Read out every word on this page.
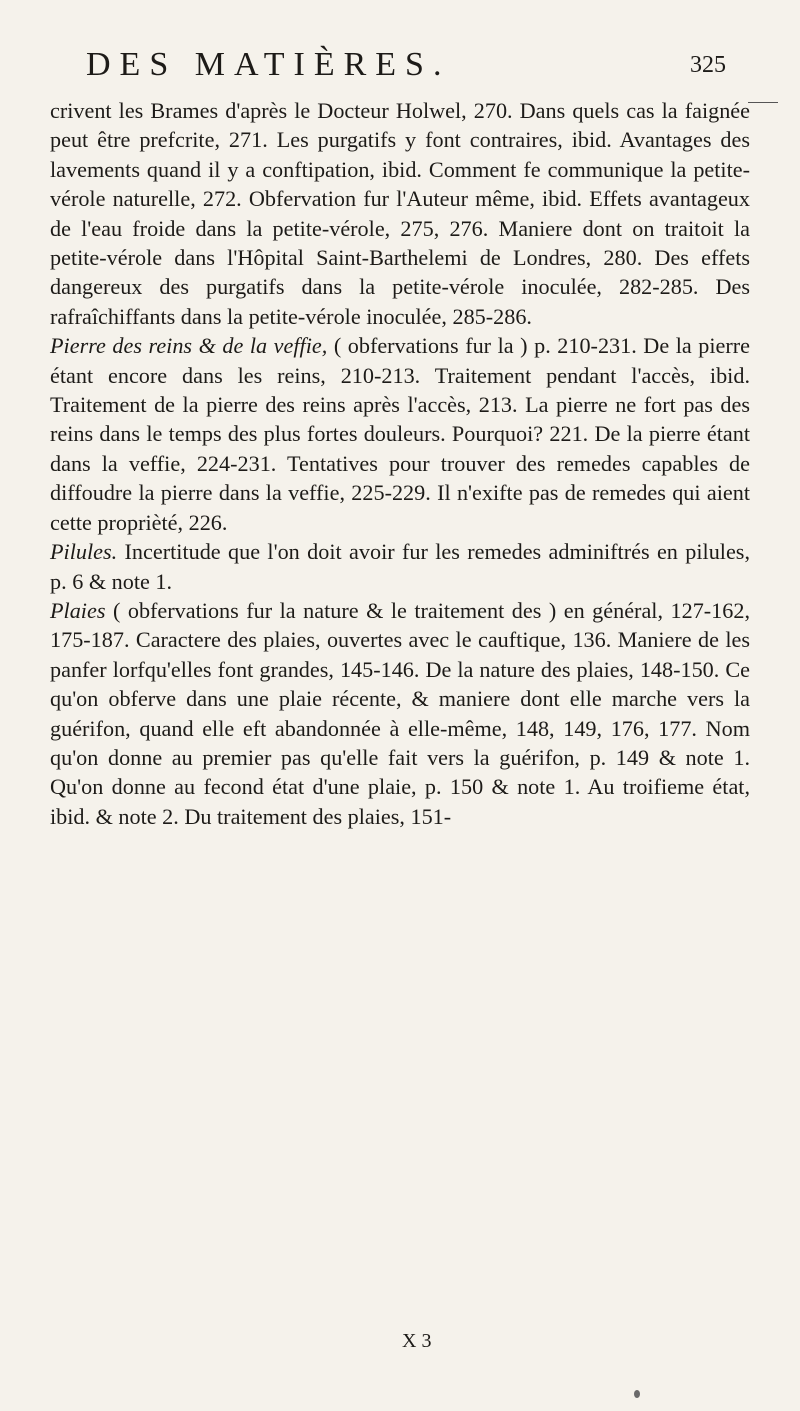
DES MATIÈRES.	325

crivent les Brames d'après le Docteur Holwel, 270. Dans quels cas la faignée peut être prefcrite, 271. Les purgatifs y font contraires, ibid. Avantages des lavements quand il y a conftipation, ibid. Comment fe communique la petite-vérole naturelle, 272. Obfervation fur l'Auteur même, ibid. Effets avantageux de l'eau froide dans la petite-vérole, 275, 276. Maniere dont on traitoit la petite-vérole dans l'Hôpital Saint-Barthelemi de Londres, 280. Des effets dangereux des purgatifs dans la petite-vérole inoculée, 282-285. Des rafraîchiffants dans la petite-vérole inoculée, 285-286.

Pierre des reins & de la veffie, ( obfervations fur la ) p. 210-231. De la pierre étant encore dans les reins, 210-213. Traitement pendant l'accès, ibid. Traitement de la pierre des reins après l'accès, 213. La pierre ne fort pas des reins dans le temps des plus fortes douleurs. Pourquoi? 221. De la pierre étant dans la veffie, 224-231. Tentatives pour trouver des remedes capables de diffoudre la pierre dans la veffie, 225-229. Il n'exifte pas de remedes qui aient cette proprièté, 226.

Pilules. Incertitude que l'on doit avoir fur les remedes adminiftrés en pilules, p. 6 & note 1.

Plaies ( obfervations fur la nature & le traitement des ) en général, 127-162, 175-187. Caractere des plaies, ouvertes avec le cauftique, 136. Maniere de les panfer lorfqu'elles font grandes, 145-146. De la nature des plaies, 148-150. Ce qu'on obferve dans une plaie récente, & maniere dont elle marche vers la guérifon, quand elle eft abandonnée à elle-même, 148, 149, 176, 177. Nom qu'on donne au premier pas qu'elle fait vers la guérifon, p. 149 & note 1. Qu'on donne au fecond état d'une plaie, p. 150 & note 1. Au troifieme état, ibid. & note 2. Du traitement des plaies, 151-

X 3
